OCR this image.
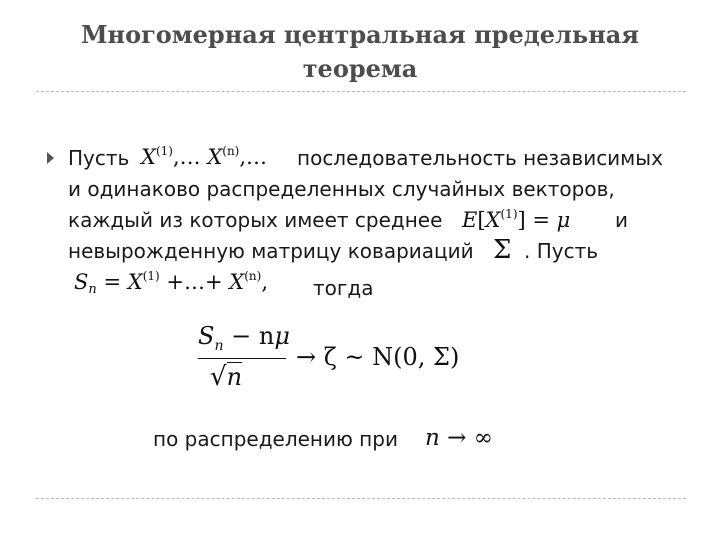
Многомерная центральная предельная
теорема
Пусть $X^{(1)},\dots$ $X^{(n)},\dots$ последовательность независимых
и одинаково распределенных случайных векторов,
каждый из которых имеет среднее $E[X^{(1)}] = \mu$ и
невырожденную матрицу ковариаций Σ . Пусть
$S_n = X^{(1)}$ +…+ $X^{(n)}$, тогда
$S_n - n\mu$
√n
→ ζ ~ N(0, Σ)
по распределению при n → ∞
